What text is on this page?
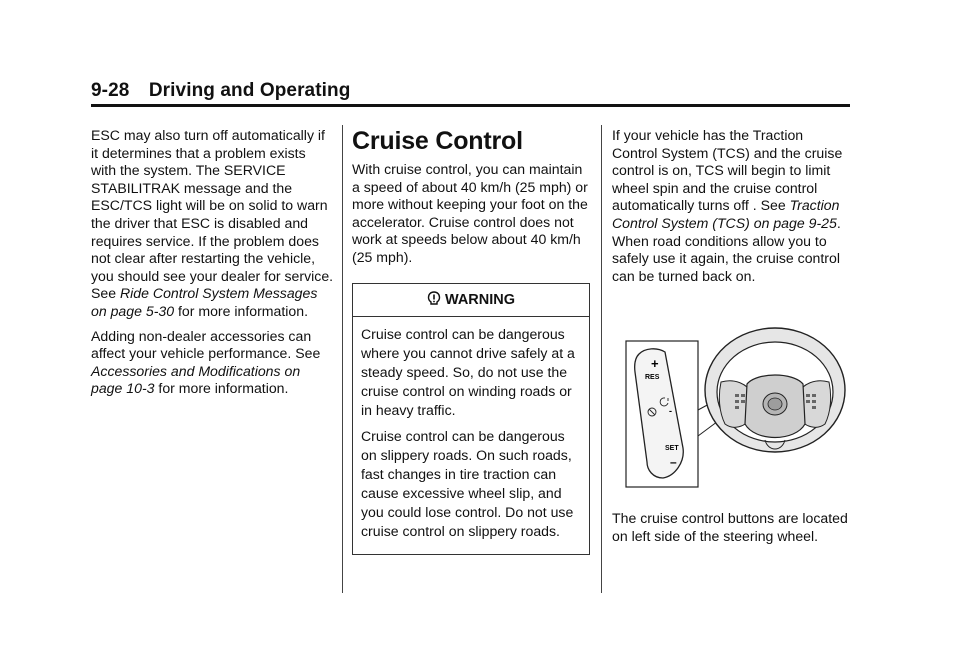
9-28 Driving and Operating

ESC may also turn off automatically if it determines that a problem exists with the system. The SERVICE STABILITRAK message and the ESC/TCS light will be on solid to warn the driver that ESC is disabled and requires service. If the problem does not clear after restarting the vehicle, you should see your dealer for service. See Ride Control System Messages on page 5-30 for more information.

Adding non-dealer accessories can affect your vehicle performance. See Accessories and Modifications on page 10-3 for more information.

Cruise Control

With cruise control, you can maintain a speed of about 40 km/h (25 mph) or more without keeping your foot on the accelerator. Cruise control does not work at speeds below about 40 km/h (25 mph).

WARNING

Cruise control can be dangerous where you cannot drive safely at a steady speed. So, do not use the cruise control on winding roads or in heavy traffic.

Cruise control can be dangerous on slippery roads. On such roads, fast changes in tire traction can cause excessive wheel slip, and you could lose control. Do not use cruise control on slippery roads.

If your vehicle has the Traction Control System (TCS) and the cruise control is on, TCS will begin to limit wheel spin and the cruise control automatically turns off . See Traction Control System (TCS) on page 9-25. When road conditions allow you to safely use it again, the cruise control can be turned back on.

+
RES
-
SET
–
The cruise control buttons are located on left side of the steering wheel.
